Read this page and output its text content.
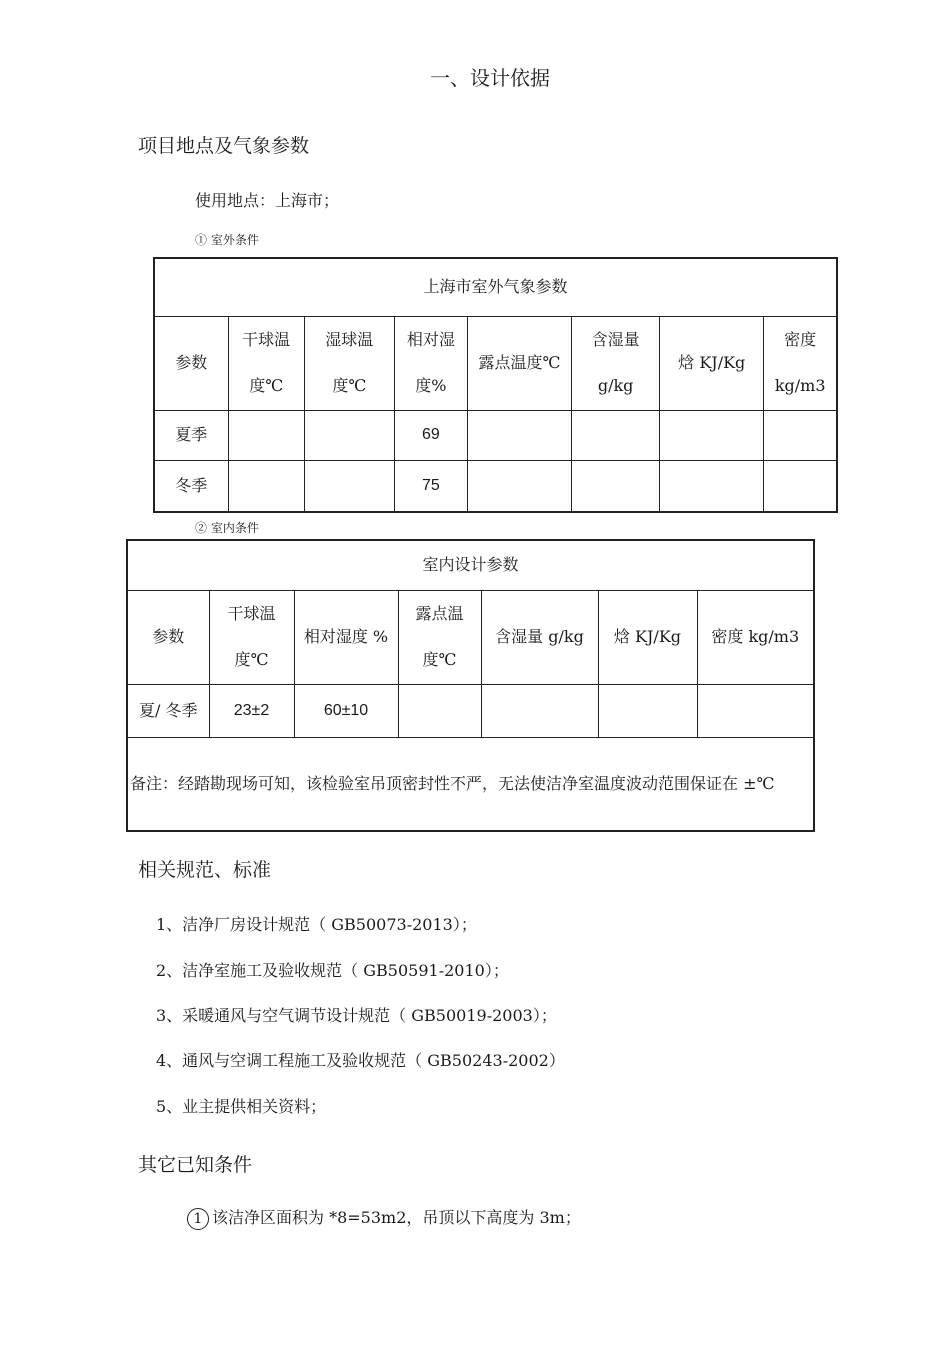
一、设计依据
项目地点及气象参数
使用地点：上海市；
① 室外条件
上海市室外气象参数							
参数	干球温度℃	湿球温度℃	相对湿度%	露点温度℃	含湿量 g/kg	焓 KJ/Kg	密度 kg/m3
夏季			69				
冬季			75				
② 室内条件
室内设计参数						
参数	干球温度℃	相对湿度 %	露点温度℃	含湿量 g/kg	焓 KJ/Kg	密度 kg/m3
夏/ 冬季	23±2	60±10				
备注：经踏勘现场可知，该检验室吊顶密封性不严，无法使洁净室温度波动范围保证在 ±℃						
相关规范、标准
1、洁净厂房设计规范（ GB50073-2013）；
2、洁净室施工及验收规范（ GB50591-2010）；
3、采暖通风与空气调节设计规范（ GB50019-2003）；
4、通风与空调工程施工及验收规范（ GB50243-2002）
5、业主提供相关资料；
其它已知条件
1 该洁净区面积为 *8=53m2，吊顶以下高度为 3m；
